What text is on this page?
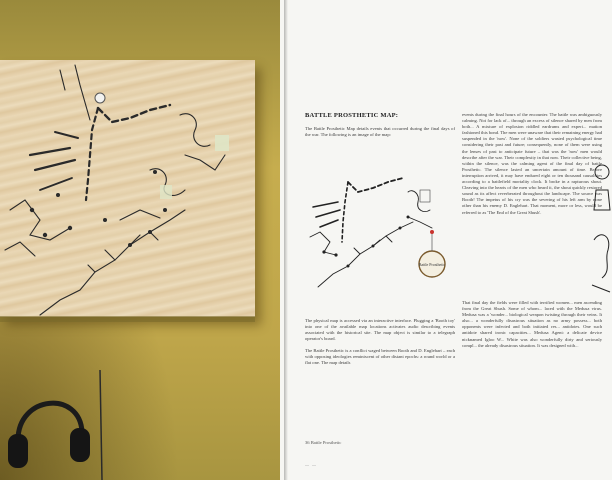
BATTLE PROSTHETIC MAP:

The Battle Prosthetic Map details events that occurred during the final days of the war. The following is an image of the map:

Battle Prosthetic

The physical map is accessed via an interactive interface. Plugging a 'Booth toy' into one of the available map locations activates audio describing events associated with the historical site. The map object is similar to a telegraph operator's board.

The Battle Prosthetic is a conflict waged between Booth and D. Englehart – each with opposing ideologies reminiscent of other distant epochs: a round world or a flat one. The map details

events during the final hours of the encounter. The battle was ambiguously calming. Not for lack of... through an excess of silence shared by men from both... A mixture of explosion riddled eardrums and experi... mation fashioned this bond. The men were unaware that their remaining energy had suspended in the 'now'. None of the soldiers wasted psychological time considering their past and future; consequently, none of them were using the lenses of past to anticipate future – that was the 'now' men would describe after the war. Their complexity in that now. Their collective being, within the silence, was the calming agent of the final day of battle Prosthetic. The silence lasted an uncertain amount of time. Before interruption arrived, it may have endured eight or ten thousand causalities according to a battlefield mortality clock. It broke in a rapturous shout. Cleaving into the hearts of the men who heard it, the shout quickly restored sound as its affect reverberated throughout the landscape. The source was Booth! The impetus of his cry was the severing of his left arm by none other than his enemy D. Englehart. That moment, more or less, would be referred to as 'The End of the Great Shush'.

That final day the fields were filled with terrified women... men ascending from the Great Shush. Some of whom... laced with the Medusa virus. Medusa was a 'wonder... biological weapon twisting through their veins. It also... a wonderfully disastrous situation as no army possess... both opponents were infected and both initiated res... antidotes. One such antidote shared ironic capacities... Medusa Agent: a delicate device nicknamed Igloo W... White was also wonderfully dirty and seriously compl... the already disastrous situation. It was designed with...

36 Battle Prosthetic
— —
